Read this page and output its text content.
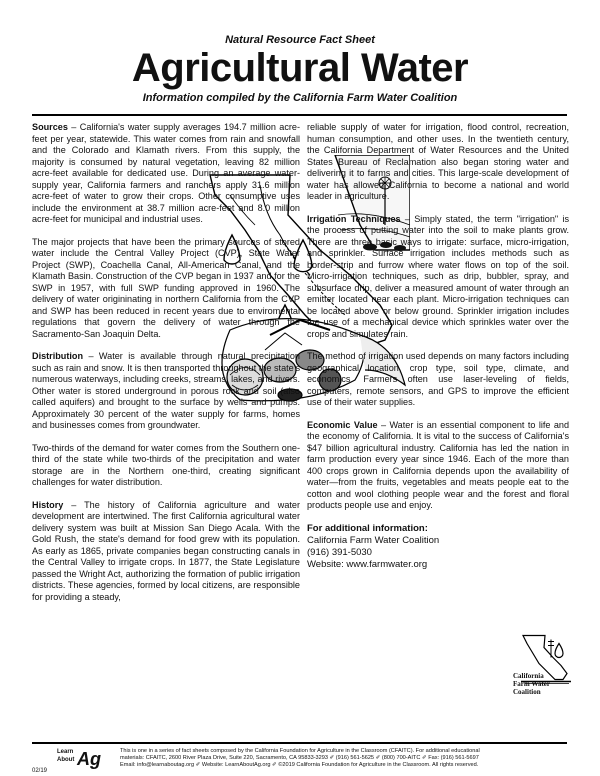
Natural Resource Fact Sheet
Agricultural Water
Information compiled by the California Farm Water Coalition

Sources – California's water supply averages 194.7 million acre-feet per year, statewide. This water comes from rain and snowfall and the Colorado and Klamath rivers. From this supply, the majority is consumed by natural vegetation, leaving 82 million acre-feet available for dedicated use. During an average water-supply year, California farmers and ranchers apply 31.6 million acre-feet of water to grow their crops. Other consumptive uses include the environment at 38.7 million acre-feet and 8.0 million acre-feet for municipal and industrial uses.

The major projects that have been the primary sources of stored water include the Central Valley Project (CVP), State Water Project (SWP), Coachella Canal, All-American Canal, and the Klamath Basin. Construction of the CVP began in 1937 and for the SWP in 1957, with full SWP funding approved in 1960. The delivery of water origininating in northern California from the CVP and SWP has been reduced in recent years due to enviromental regulations that govern the delivery of water through the Sacramento-San Joaquin Delta.

Distribution – Water is available through natural precipitation such as rain and snow. It is then transported throughout the state's numerous waterways, including creeks, streams, lakes, and rivers. Other water is stored underground in porous rock and soil (also called aquifers) and brought to the surface by wells and pumps. Approximately 30 percent of the water supply for farms, homes and businesses comes from groundwater.

Two-thirds of the demand for water comes from the Southern one-third of the state while two-thirds of the precipitation and water storage are in the Northern one-third, creating significant challenges for water distribution.

History – The history of California agriculture and water development are intertwined. The first California agricultural water delivery system was built at Mission San Diego Acala. With the Gold Rush, the state's demand for food grew with its population. As early as 1865, private companies began constructing canals in the Central Valley to irrigate crops. In 1877, the State Legislature passed the Wright Act, authorizing the formation of public irrigation districts. These agencies, formed by local citizens, are responsible for providing a steady,

reliable supply of water for irrigation, flood control, recreation, human consumption, and other uses. In the twentieth century, the California Department of Water Resources and the United States Bureau of Reclamation also began storing water and delivering it to farms and cities. This large-scale development of water has allowed California to become a national and world leader in agriculture.

Irrigation Techniques – Simply stated, the term "irrigation" is the process of putting water into the soil to make plants grow. There are three basic ways to irrigate: surface, micro-irrigation, and sprinkler. Surface irrigation includes methods such as border-strip and furrow where water flows on top of the soil. Micro-irrigation techniques, such as drip, bubbler, spray, and subsurface drip, deliver a measured amount of water through an emitter located near each plant. Micro-irrigation techniques can be located above or below ground. Sprinkler irrigation includes the use of a mechanical device which sprinkles water over the crops and simulates rain.

The method of irrigation used depends on many factors including geographical location, crop type, soil type, climate, and economics. Farmers often use laser-leveling of fields, computers, remote sensors, and GPS to improve the efficient use of their water supplies.

Economic Value – Water is an essential component to life and the economy of California. It is vital to the success of California's $47 billion agricultural industry. California has led the nation in farm production every year since 1946. Each of the more than 400 crops grown in California depends upon the availability of water—from the fruits, vegetables and meats people eat to the cotton and wool clothing people wear and the forest and floral products people use and enjoy.

For additional information:
California Farm Water Coalition
(916) 391-5030
Website: www.farmwater.org
California
Farm Water
Coalition
02/19
Learn
About Ag	This is one in a series of fact sheets composed by the California Foundation for Agriculture in the Classroom (CFAITC). For additional educational
materials: CFAITC, 2600 River Plaza Drive, Suite 220, Sacramento, CA 95833-3293 ✐ (916) 561-5625 ✐ (800) 700-AITC ✐ Fax: (916) 561-5697
Email: info@learnaboutag.org ✐ Website: LearnAboutAg.org ✐ ©2019 California Foundation for Agriculture in the Classroom. All rights reserved.
